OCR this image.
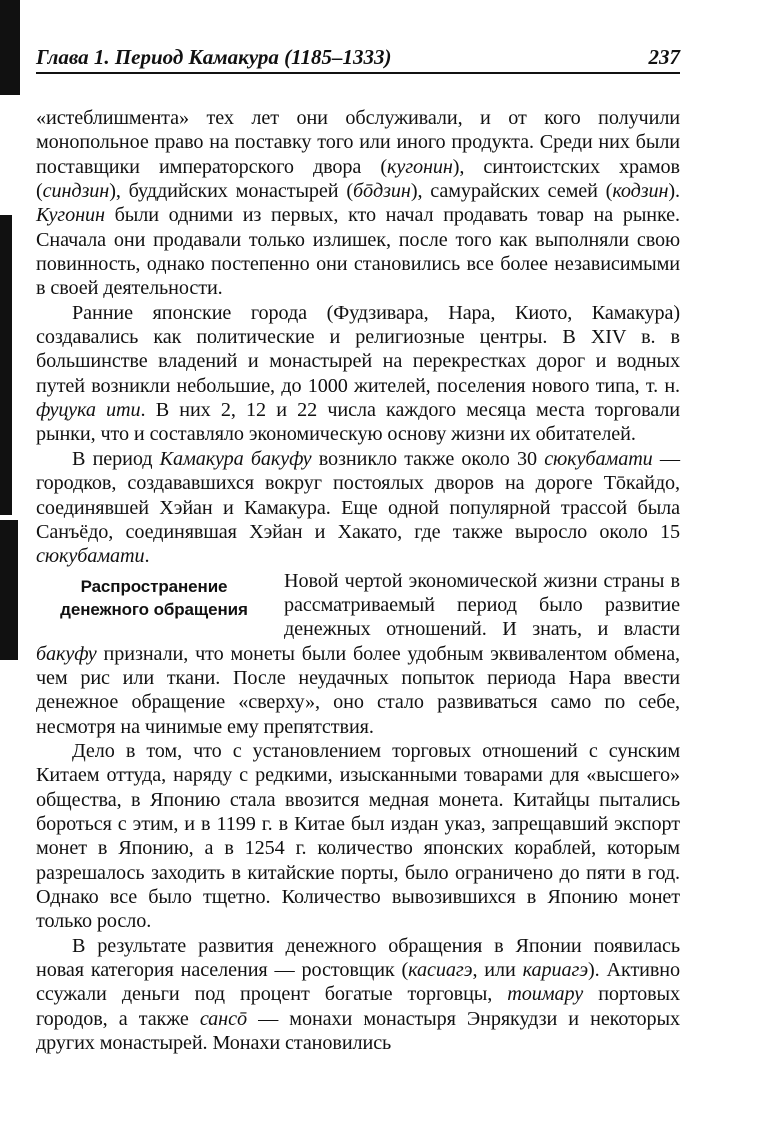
Глава 1. Период Камакура (1185–1333)	237

«истеблишмента» тех лет они обслуживали, и от кого получили монопольное право на поставку того или иного продукта. Среди них были поставщики императорского двора (кугонин), синтоистских храмов (синдзин), буддийских монастырей (бōдзин), самурайских семей (кодзин). Кугонин были одними из первых, кто начал продавать товар на рынке. Сначала они продавали только излишек, после того как выполняли свою повинность, однако постепенно они становились все более независимыми в своей деятельности.

Ранние японские города (Фудзивара, Нара, Киото, Камакура) создавались как политические и религиозные центры. В XIV в. в большинстве владений и монастырей на перекрестках дорог и водных путей возникли небольшие, до 1000 жителей, поселения нового типа, т. н. фуцука ити. В них 2, 12 и 22 числа каждого месяца места торговали рынки, что и составляло экономическую основу жизни их обитателей.

В период Камакура бакуфу возникло также около 30 сюкубамати — городков, создававшихся вокруг постоялых дворов на дороге Тōкайдо, соединявшей Хэйан и Камакура. Еще одной популярной трассой была Санъёдо, соединявшая Хэйан и Хакато, где также выросло около 15 сюкубамати.

Распространение денежного обращения

Новой чертой экономической жизни страны в рассматриваемый период было развитие денежных отношений. И знать, и власти бакуфу признали, что монеты были более удобным эквивалентом обмена, чем рис или ткани. После неудачных попыток периода Нара ввести денежное обращение «сверху», оно стало развиваться само по себе, несмотря на чинимые ему препятствия.

Дело в том, что с установлением торговых отношений с сунским Китаем оттуда, наряду с редкими, изысканными товарами для «высшего» общества, в Японию стала ввозится медная монета. Китайцы пытались бороться с этим, и в 1199 г. в Китае был издан указ, запрещавший экспорт монет в Японию, а в 1254 г. количество японских кораблей, которым разрешалось заходить в китайские порты, было ограничено до пяти в год. Однако все было тщетно. Количество вывозившихся в Японию монет только росло.

В результате развития денежного обращения в Японии появилась новая категория населения — ростовщик (касиагэ, или кариагэ). Активно ссужали деньги под процент богатые торговцы, тоимару портовых городов, а также сансō — монахи монастыря Энрякудзи и некоторых других монастырей. Монахи становились
